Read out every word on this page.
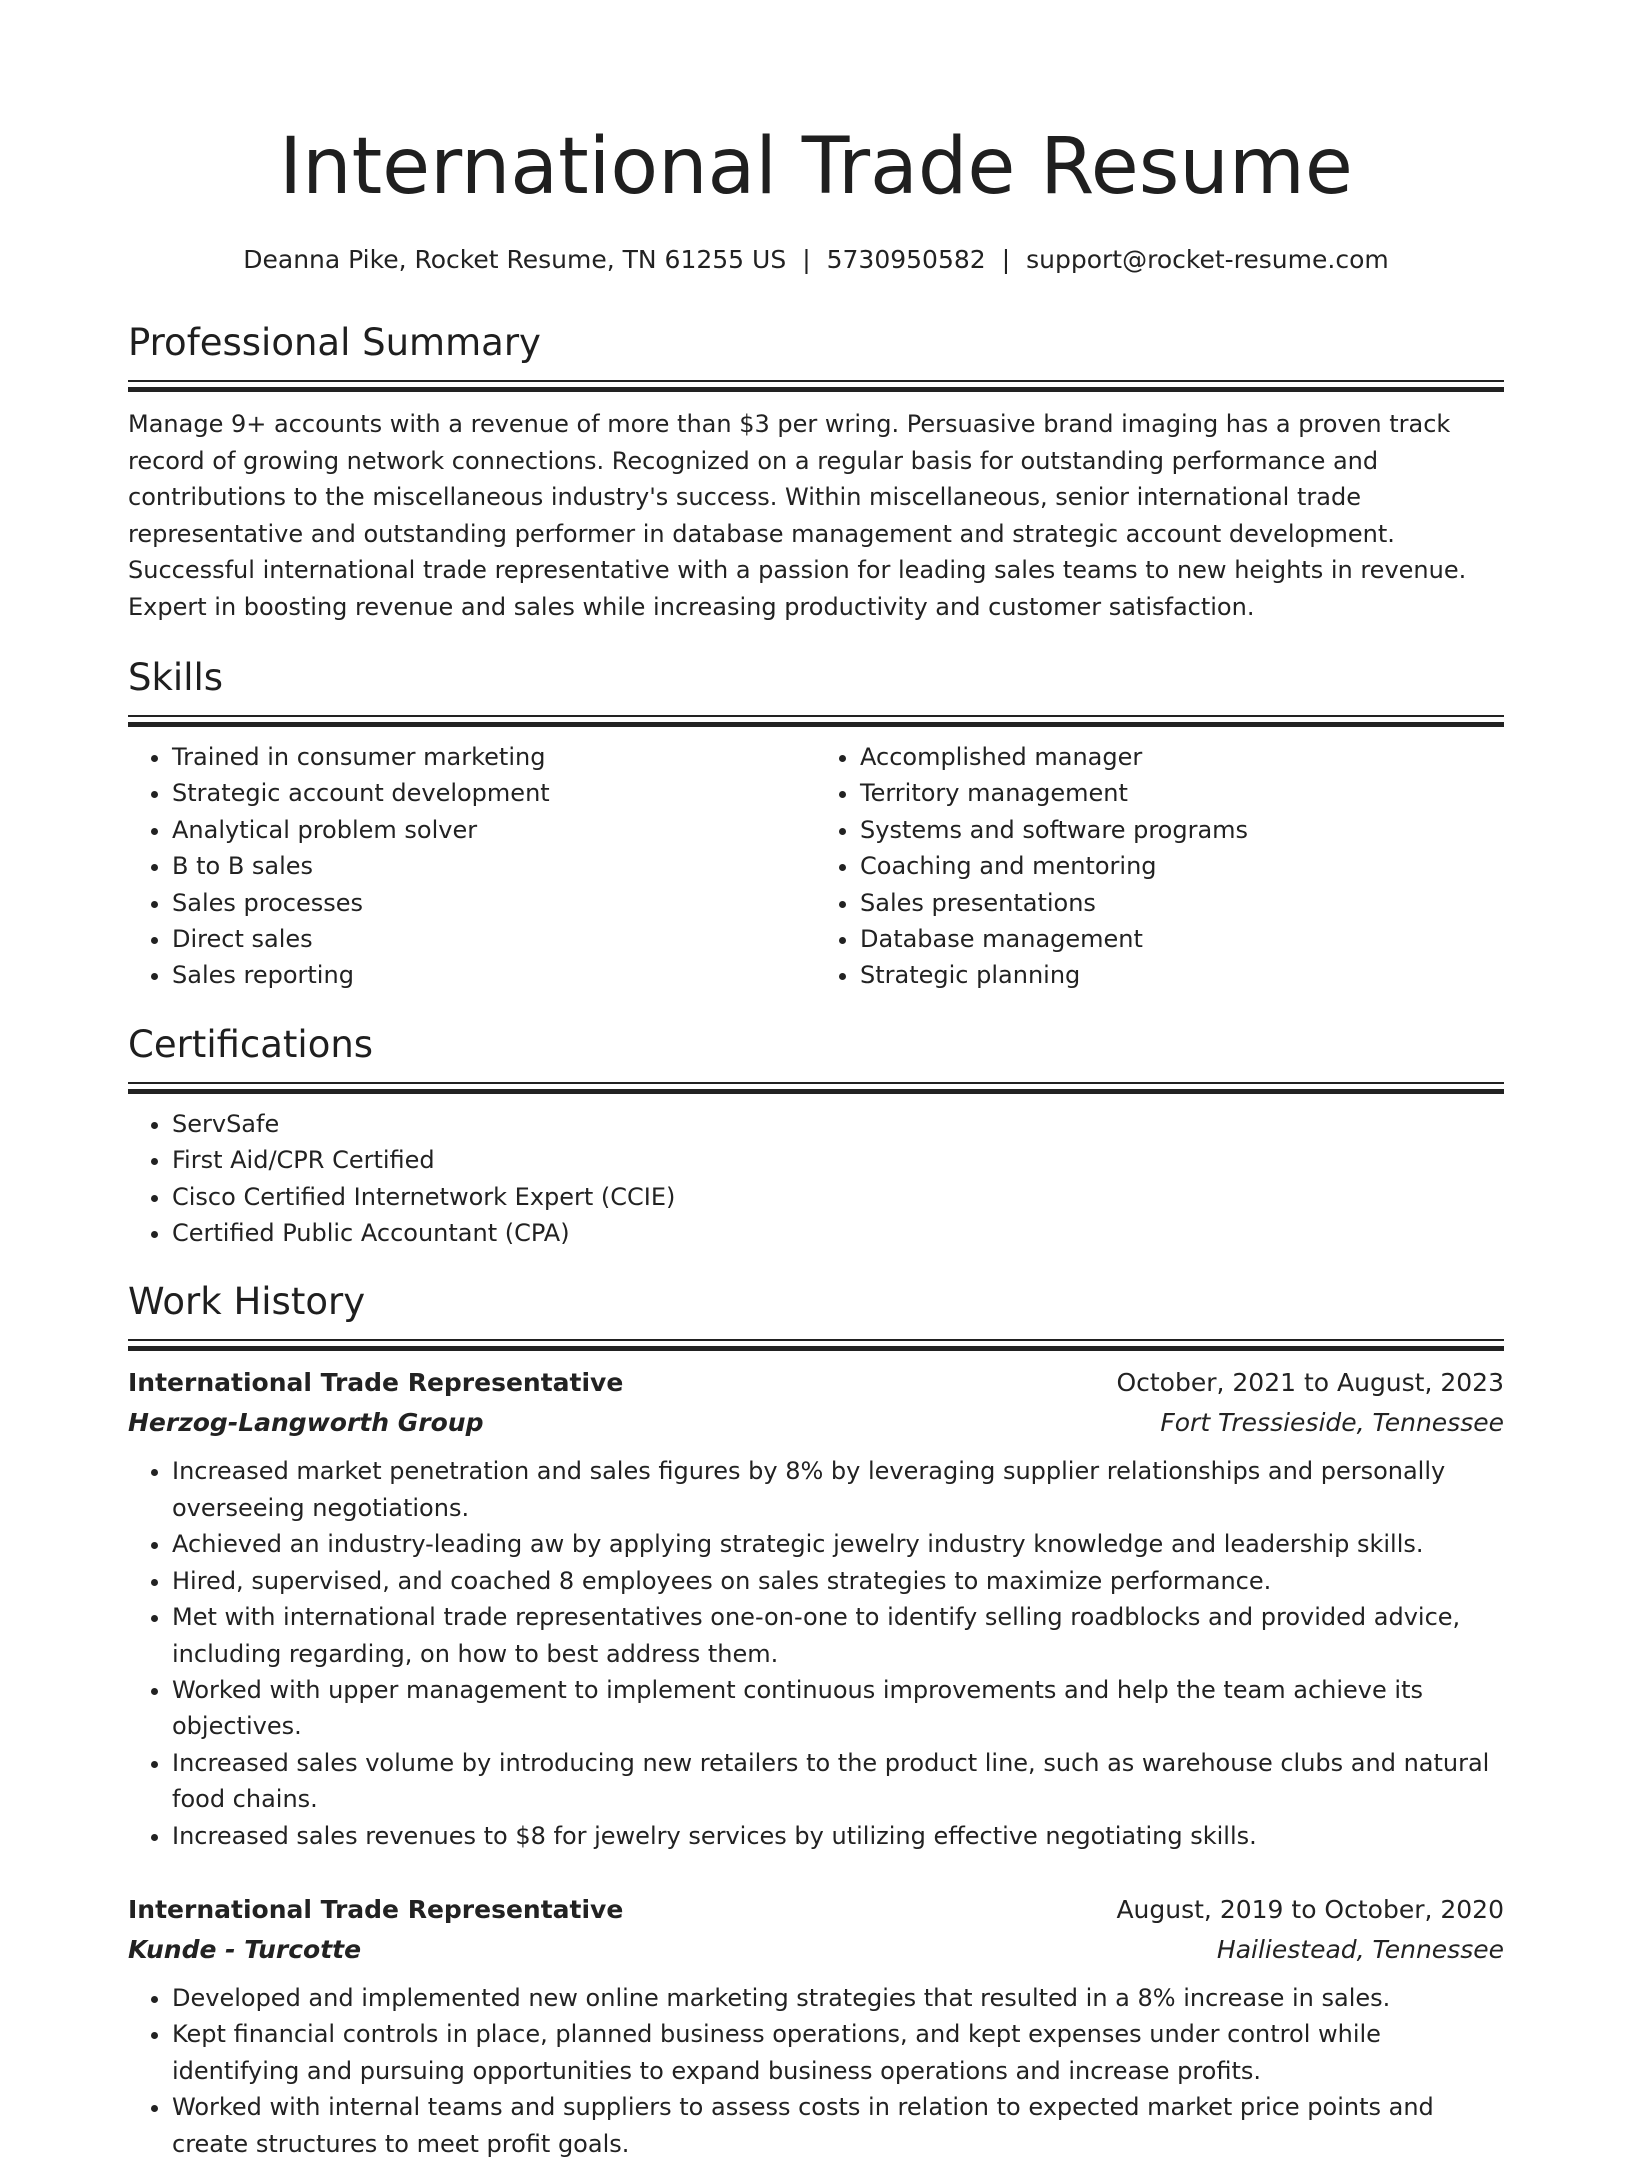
International Trade Resume
Deanna Pike, Rocket Resume, TN 61255 US | 5730950582 | support@rocket-resume.com
Professional Summary

Manage 9+ accounts with a revenue of more than $3 per wring. Persuasive brand imaging has a proven track record of growing network connections. Recognized on a regular basis for outstanding performance and contributions to the miscellaneous industry's success. Within miscellaneous, senior international trade representative and outstanding performer in database management and strategic account development. Successful international trade representative with a passion for leading sales teams to new heights in revenue. Expert in boosting revenue and sales while increasing productivity and customer satisfaction.

Skills
• Trained in consumer marketing
• Strategic account development
• Analytical problem solver
• B to B sales
• Sales processes
• Direct sales
• Sales reporting
• Accomplished manager
• Territory management
• Systems and software programs
• Coaching and mentoring
• Sales presentations
• Database management
• Strategic planning
Certifications
• ServSafe
• First Aid/CPR Certified
• Cisco Certified Internetwork Expert (CCIE)
• Certified Public Accountant (CPA)
Work History
International Trade Representative	October, 2021 to August, 2023
Herzog-Langworth Group	Fort Tressieside, Tennessee
• Increased market penetration and sales figures by 8% by leveraging supplier relationships and personally overseeing negotiations.
• Achieved an industry-leading aw by applying strategic jewelry industry knowledge and leadership skills.
• Hired, supervised, and coached 8 employees on sales strategies to maximize performance.
• Met with international trade representatives one-on-one to identify selling roadblocks and provided advice, including regarding, on how to best address them.
• Worked with upper management to implement continuous improvements and help the team achieve its objectives.
• Increased sales volume by introducing new retailers to the product line, such as warehouse clubs and natural food chains.
• Increased sales revenues to $8 for jewelry services by utilizing effective negotiating skills.
International Trade Representative	August, 2019 to October, 2020
Kunde - Turcotte	Hailiestead, Tennessee
• Developed and implemented new online marketing strategies that resulted in a 8% increase in sales.
• Kept financial controls in place, planned business operations, and kept expenses under control while identifying and pursuing opportunities to expand business operations and increase profits.
• Worked with internal teams and suppliers to assess costs in relation to expected market price points and create structures to meet profit goals.
